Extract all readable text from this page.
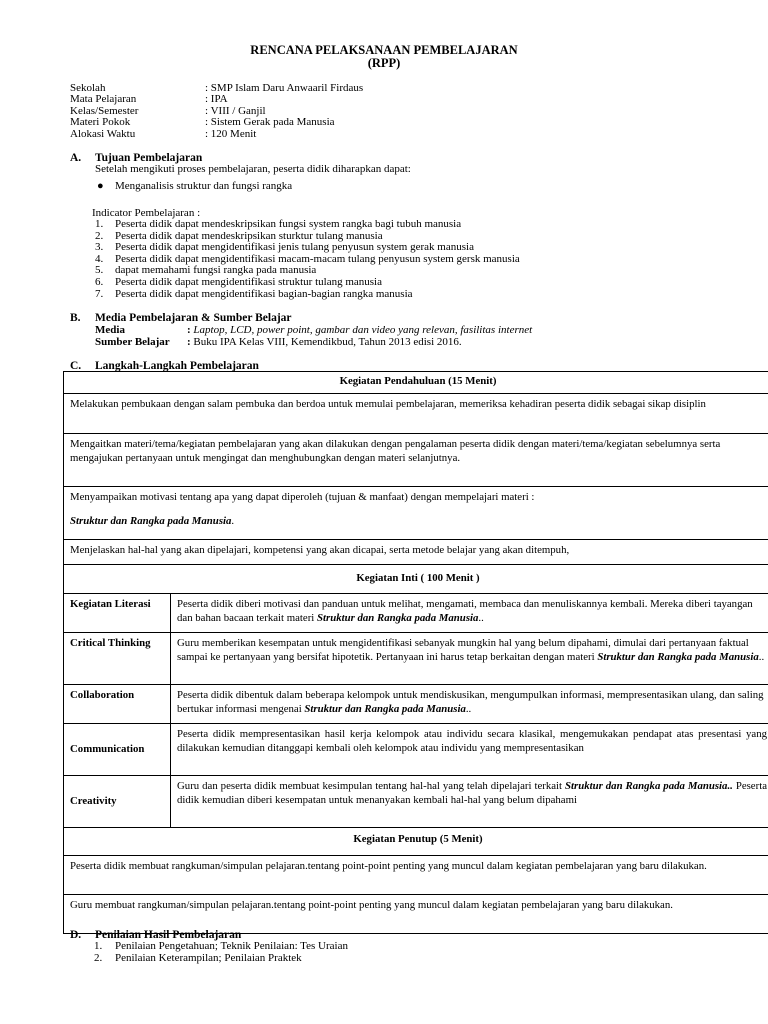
RENCANA PELAKSANAAN PEMBELAJARAN
(RPP)
Sekolah	: SMP Islam Daru Anwaaril Firdaus
Mata Pelajaran	: IPA
Kelas/Semester	: VIII / Ganjil
Materi Pokok	: Sistem Gerak pada Manusia
Alokasi Waktu	: 120 Menit
A. Tujuan Pembelajaran
Setelah mengikuti proses pembelajaran, peserta didik diharapkan dapat:
● Menganalisis struktur dan fungsi rangka
Indicator Pembelajaran :
1. Peserta didik dapat mendeskripsikan fungsi system rangka bagi tubuh manusia
2. Peserta didik dapat mendeskripsikan sturktur tulang manusia
3. Peserta didik dapat mengidentifikasi jenis tulang penyusun system gerak manusia
4. Peserta didik dapat mengidentifikasi macam-macam tulang penyusun system gersk manusia
5. dapat memahami fungsi rangka pada manusia
6. Peserta didik dapat mengidentifikasi struktur tulang manusia
7. Peserta didik dapat mengidentifikasi bagian-bagian rangka manusia
B. Media Pembelajaran & Sumber Belajar
Media	: Laptop, LCD, power point, gambar dan video yang relevan, fasilitas internet
Sumber Belajar : Buku IPA Kelas VIII, Kemendikbud, Tahun 2013 edisi 2016.
C. Langkah-Langkah Pembelajaran
Kegiatan Pendahuluan (15 Menit)	
Melakukan pembukaan dengan salam pembuka dan berdoa untuk memulai pembelajaran, memeriksa kehadiran peserta didik sebagai sikap disiplin	
Mengaitkan materi/tema/kegiatan pembelajaran yang akan dilakukan dengan pengalaman peserta didik dengan materi/tema/kegiatan sebelumnya serta mengajukan pertanyaan untuk mengingat dan menghubungkan dengan materi selanjutnya.	

Menyampaikan motivasi tentang apa yang dapat diperoleh (tujuan & manfaat) dengan mempelajari materi :
Struktur dan Rangka pada Manusia.	

Menjelaskan hal-hal yang akan dipelajari, kompetensi yang akan dicapai, serta metode belajar yang akan ditempuh,	
Kegiatan Inti ( 100 Menit )	
Kegiatan Literasi	Peserta didik diberi motivasi dan panduan untuk melihat, mengamati, membaca dan menuliskannya kembali. Mereka diberi tayangan dan bahan bacaan terkait materi Struktur dan Rangka pada Manusia..
Critical Thinking	Guru memberikan kesempatan untuk mengidentifikasi sebanyak mungkin hal yang belum dipahami, dimulai dari pertanyaan faktual sampai ke pertanyaan yang bersifat hipotetik. Pertanyaan ini harus tetap berkaitan dengan materi Struktur dan Rangka pada Manusia..
Collaboration	Peserta didik dibentuk dalam beberapa kelompok untuk mendiskusikan, mengumpulkan informasi, mempresentasikan ulang, dan saling bertukar informasi mengenai Struktur dan Rangka pada Manusia..
Communication	Peserta didik mempresentasikan hasil kerja kelompok atau individu secara klasikal, mengemukakan pendapat atas presentasi yang dilakukan kemudian ditanggapi kembali oleh kelompok atau individu yang mempresentasikan
Creativity	Guru dan peserta didik membuat kesimpulan tentang hal-hal yang telah dipelajari terkait Struktur dan Rangka pada Manusia.. Peserta didik kemudian diberi kesempatan untuk menanyakan kembali hal-hal yang belum dipahami
Kegiatan Penutup (5 Menit)	
Peserta didik membuat rangkuman/simpulan pelajaran.tentang point-point penting yang muncul dalam kegiatan pembelajaran yang baru dilakukan.	
Guru membuat rangkuman/simpulan pelajaran.tentang point-point penting yang muncul dalam kegiatan pembelajaran yang baru dilakukan.	
D. Penilaian Hasil Pembelajaran
1. Penilaian Pengetahuan; Teknik Penilaian: Tes Uraian
2. Penilaian Keterampilan; Penilaian Praktek
